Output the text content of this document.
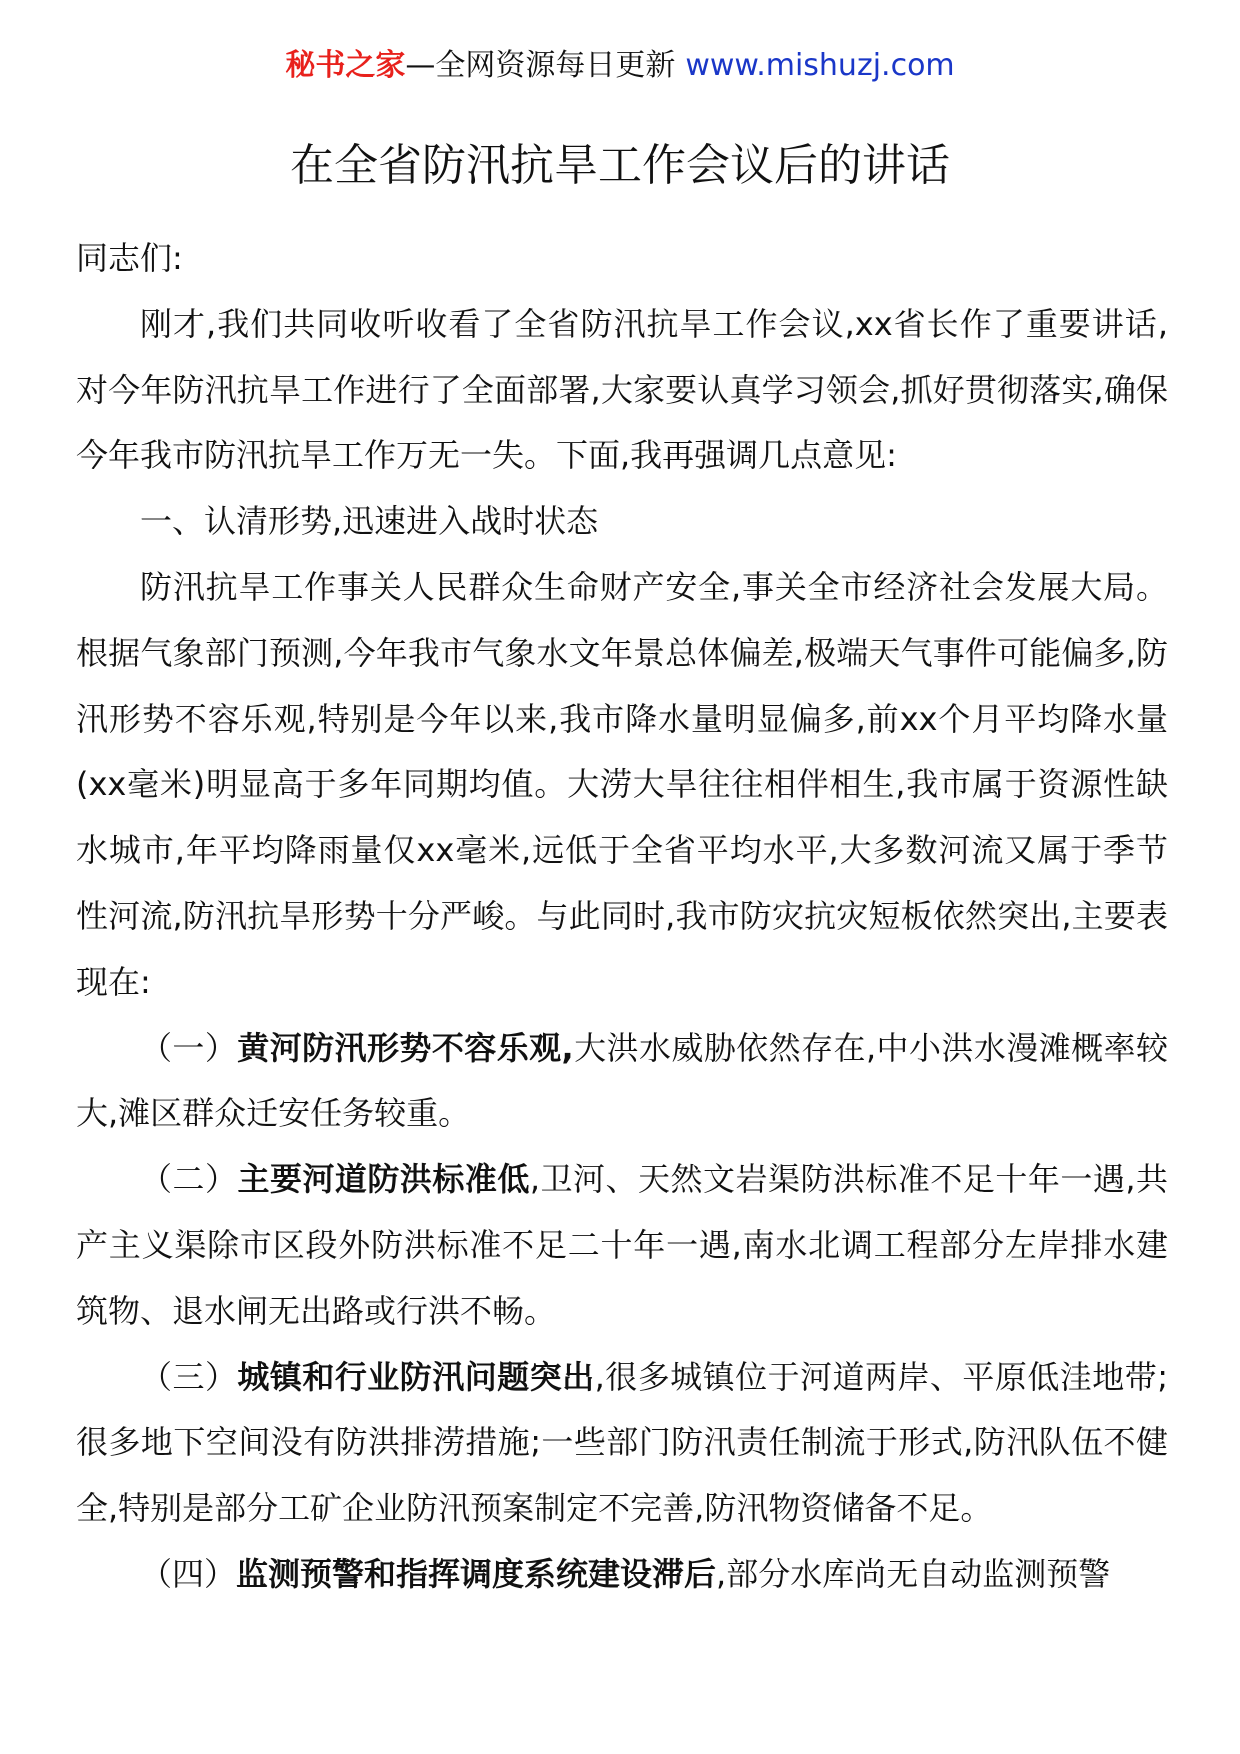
秘书之家—全网资源每日更新 www.mishuzj.com
在全省防汛抗旱工作会议后的讲话

同志们:

刚才,我们共同收听收看了全省防汛抗旱工作会议,xx省长作了重要讲话,对今年防汛抗旱工作进行了全面部署,大家要认真学习领会,抓好贯彻落实,确保今年我市防汛抗旱工作万无一失。下面,我再强调几点意见:

一、认清形势,迅速进入战时状态

防汛抗旱工作事关人民群众生命财产安全,事关全市经济社会发展大局。根据气象部门预测,今年我市气象水文年景总体偏差,极端天气事件可能偏多,防汛形势不容乐观,特别是今年以来,我市降水量明显偏多,前xx个月平均降水量(xx毫米)明显高于多年同期均值。大涝大旱往往相伴相生,我市属于资源性缺水城市,年平均降雨量仅xx毫米,远低于全省平均水平,大多数河流又属于季节性河流,防汛抗旱形势十分严峻。与此同时,我市防灾抗灾短板依然突出,主要表现在:

（一）黄河防汛形势不容乐观,大洪水威胁依然存在,中小洪水漫滩概率较大,滩区群众迁安任务较重。

（二）主要河道防洪标准低,卫河、天然文岩渠防洪标准不足十年一遇,共产主义渠除市区段外防洪标准不足二十年一遇,南水北调工程部分左岸排水建筑物、退水闸无出路或行洪不畅。

（三）城镇和行业防汛问题突出,很多城镇位于河道两岸、平原低洼地带;很多地下空间没有防洪排涝措施;一些部门防汛责任制流于形式,防汛队伍不健全,特别是部分工矿企业防汛预案制定不完善,防汛物资储备不足。

（四）监测预警和指挥调度系统建设滞后,部分水库尚无自动监测预警
